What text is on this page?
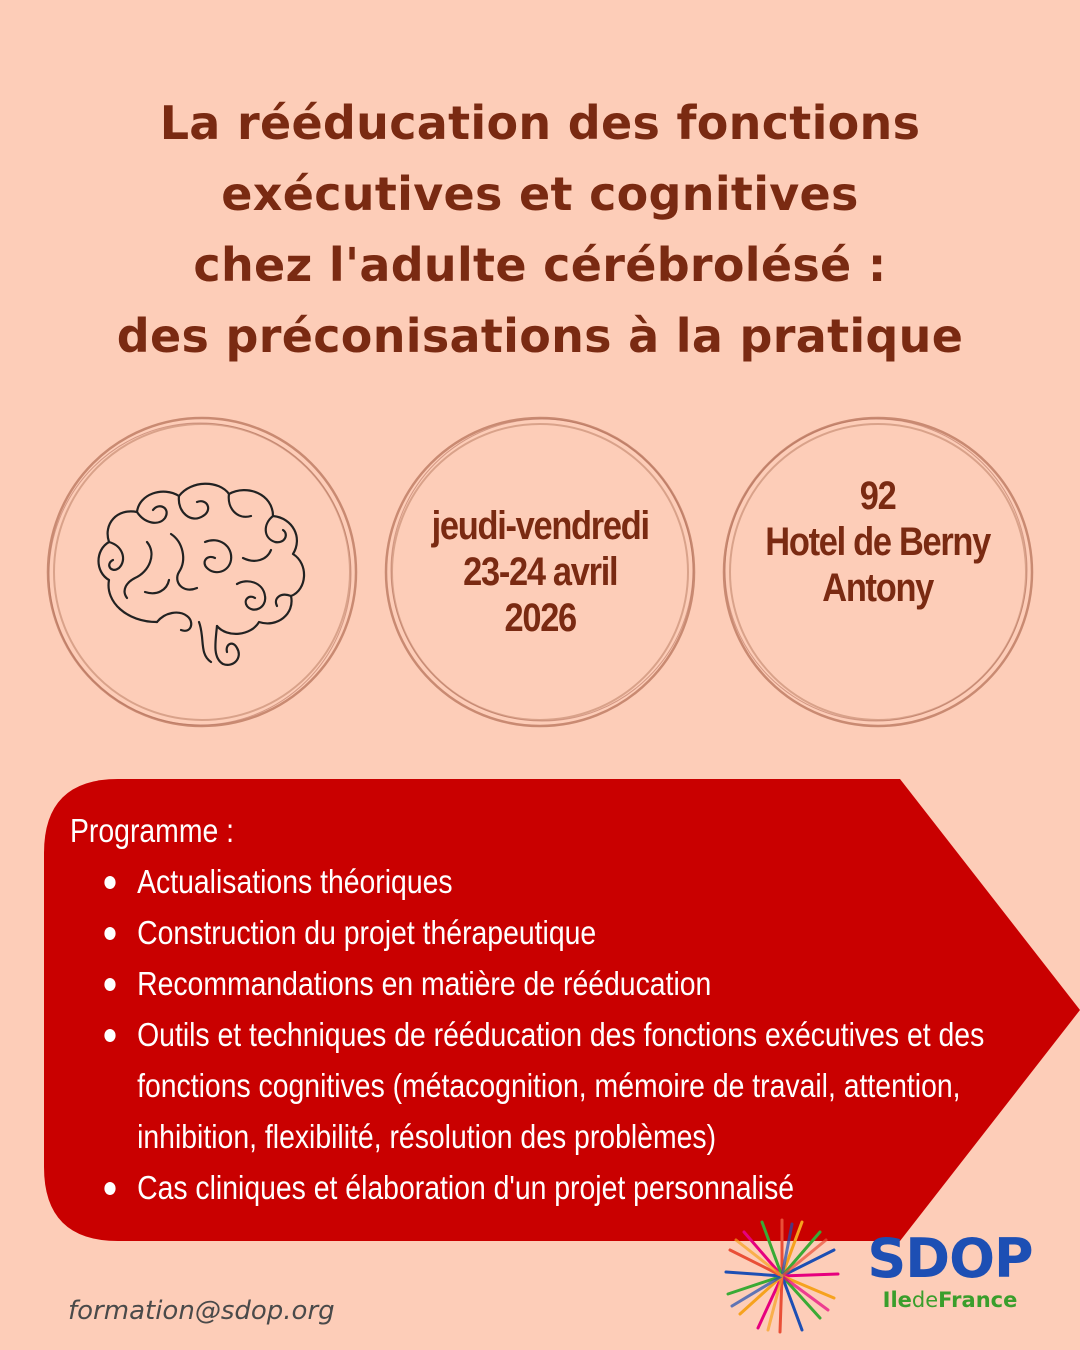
La rééducation des fonctions
exécutives et cognitives
chez l'adulte cérébrolésé :
des préconisations à la pratique
jeudi-vendredi
23-24 avril
2026
92
Hotel de Berny
Antony
Programme :
Actualisations théoriques
Construction du projet thérapeutique
Recommandations en matière de rééducation
Outils et techniques de rééducation des fonctions exécutives et des fonctions cognitives (métacognition, mémoire de travail, attention, inhibition, flexibilité, résolution des problèmes)
Cas cliniques et élaboration d'un projet personnalisé
formation@sdop.org
SDOP
IledeFrance
